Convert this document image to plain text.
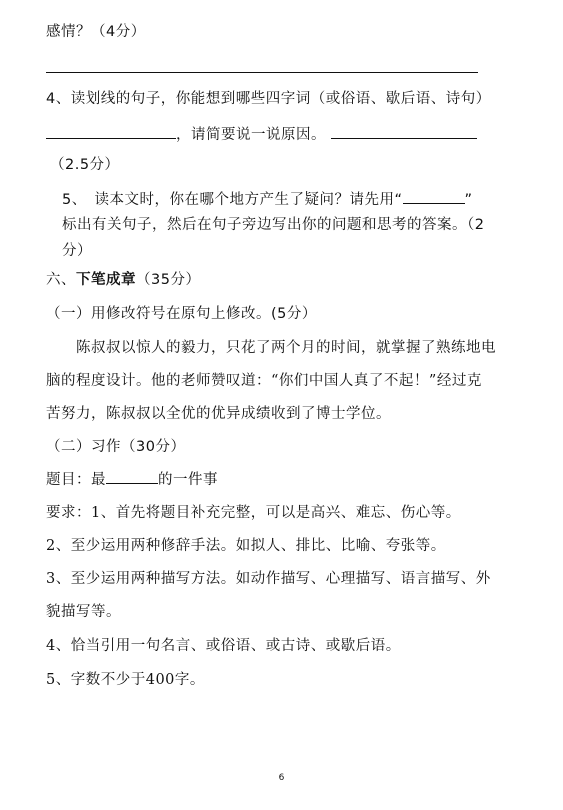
感情？（4分）
4、读划线的句子，你能想到哪些四字词（或俗语、歇后语、诗句）
，请简要说一说原因。
（2.5分）
5、　读本文时，你在哪个地方产生了疑问？请先用“	”
标出有关句子，然后在句子旁边写出你的问题和思考的答案。（2
分）
六、下笔成章（35分）
（一）用修改符号在原句上修改。(5分）
陈叔叔以惊人的毅力，只花了两个月的时间，就掌握了熟练地电
脑的程度设计。他的老师赞叹道：“你们中国人真了不起！”经过克
苦努力，陈叔叔以全优的优异成绩收到了博士学位。
（二）习作（30分）
题目：最	的一件事
要求：1、首先将题目补充完整，可以是高兴、难忘、伤心等。
2、至少运用两种修辞手法。如拟人、排比、比喻、夸张等。
3、至少运用两种描写方法。如动作描写、心理描写、语言描写、外
貌描写等。
4、恰当引用一句名言、或俗语、或古诗、或歇后语。
5、字数不少于400字。
6
